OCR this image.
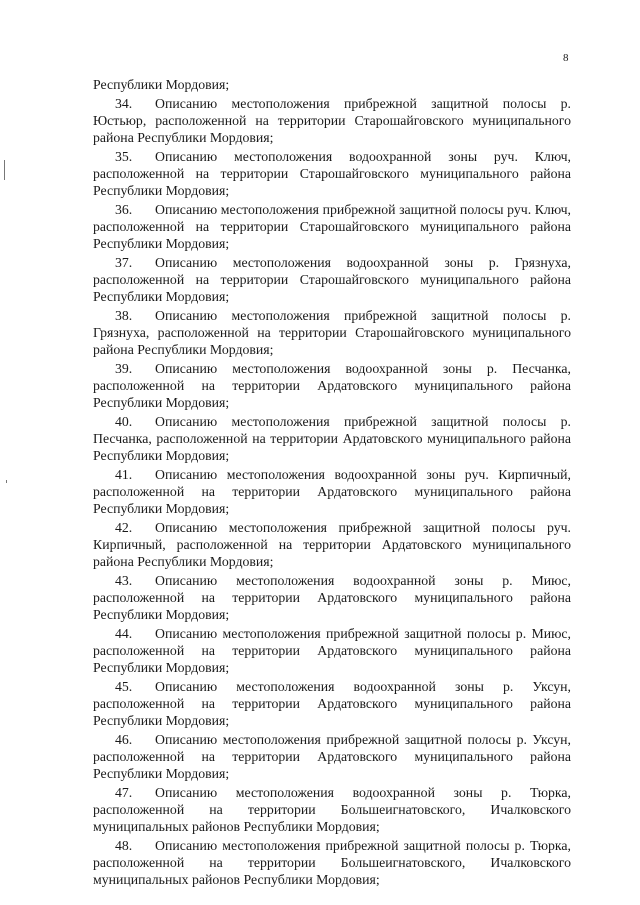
8

Республики Мордовия;

34. Описанию местоположения прибрежной защитной полосы р. Юстьюр, расположенной на территории Старошайговского муниципального района Республики Мордовия;

35. Описанию местоположения водоохранной зоны руч. Ключ, расположенной на территории Старошайговского муниципального района Республики Мордовия;

36. Описанию местоположения прибрежной защитной полосы руч. Ключ, расположенной на территории Старошайговского муниципального района Республики Мордовия;

37. Описанию местоположения водоохранной зоны р. Грязнуха, расположенной на территории Старошайговского муниципального района Республики Мордовия;

38. Описанию местоположения прибрежной защитной полосы р. Грязнуха, расположенной на территории Старошайговского муниципального района Республики Мордовия;

39. Описанию местоположения водоохранной зоны р. Песчанка, расположенной на территории Ардатовского муниципального района Республики Мордовия;

40. Описанию местоположения прибрежной защитной полосы р. Песчанка, расположенной на территории Ардатовского муниципального района Республики Мордовия;

41. Описанию местоположения водоохранной зоны руч. Кирпичный, расположенной на территории Ардатовского муниципального района Республики Мордовия;

42. Описанию местоположения прибрежной защитной полосы руч. Кирпичный, расположенной на территории Ардатовского муниципального района Республики Мордовия;

43. Описанию местоположения водоохранной зоны р. Миюс, расположенной на территории Ардатовского муниципального района Республики Мордовия;

44. Описанию местоположения прибрежной защитной полосы р. Миюс, расположенной на территории Ардатовского муниципального района Республики Мордовия;

45. Описанию местоположения водоохранной зоны р. Уксун, расположенной на территории Ардатовского муниципального района Республики Мордовия;

46. Описанию местоположения прибрежной защитной полосы р. Уксун, расположенной на территории Ардатовского муниципального района Республики Мордовия;

47. Описанию местоположения водоохранной зоны р. Тюрка, расположенной на территории Большеигнатовского, Ичалковского муниципальных районов Республики Мордовия;

48. Описанию местоположения прибрежной защитной полосы р. Тюрка, расположенной на территории Большеигнатовского, Ичалковского муниципальных районов Республики Мордовия;
